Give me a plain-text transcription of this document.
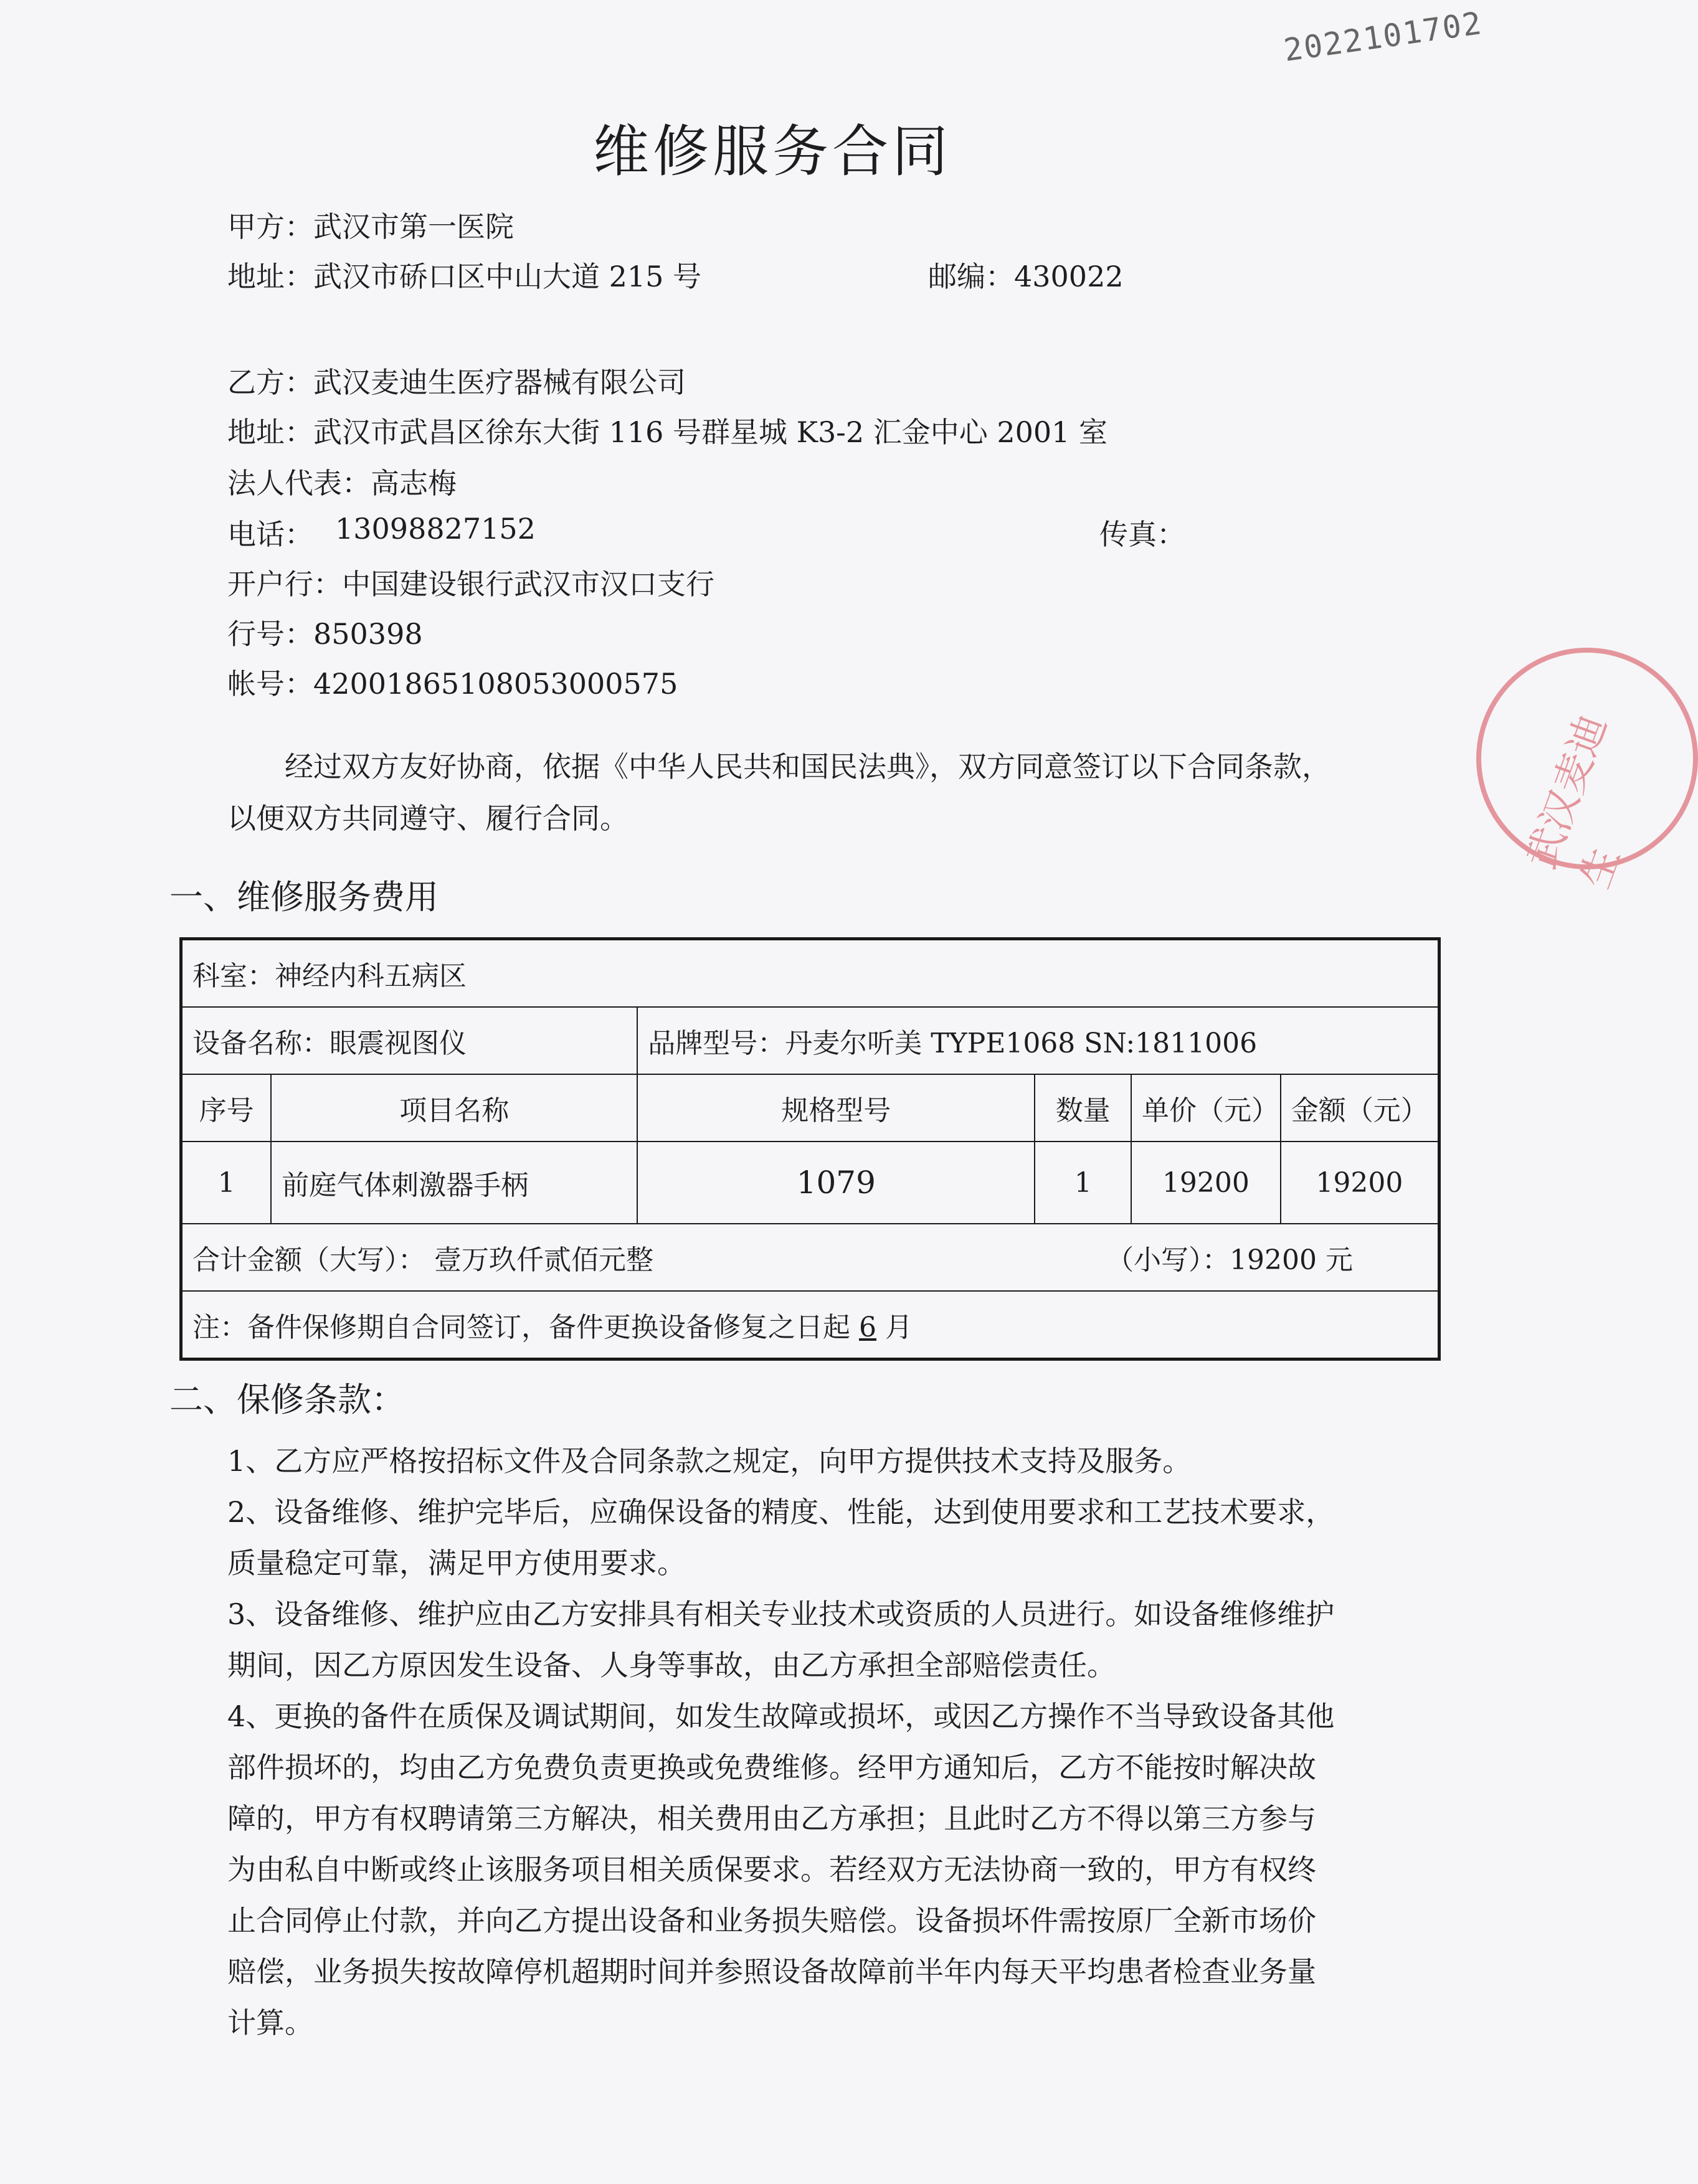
2022101702
武汉麦迪生
维修服务合同
甲方：武汉市第一医院
地址：武汉市硚口区中山大道 215 号	邮编：430022
乙方：武汉麦迪生医疗器械有限公司
地址：武汉市武昌区徐东大街 116 号群星城 K3-2 汇金中心 2001 室
法人代表：高志梅
电话： 13098827152	传真：
开户行：中国建设银行武汉市汉口支行
行号：850398
帐号：42001865108053000575
经过双方友好协商，依据《中华人民共和国民法典》，双方同意签订以下合同条款，以便双方共同遵守、履行合同。
一、维修服务费用
科室：神经内科五病区					
设备名称：眼震视图仪		品牌型号：丹麦尔听美 TYPE1068 SN:1811006			
序号	项目名称	规格型号	数量	单价（元）	金额（元）
1	前庭气体刺激器手柄	1079	1	19200	19200
合计金额（大写）： 壹万玖仟贰佰元整 （小写）：19200 元					

注：备件保修期自合同签订，备件更换设备修复之日起 6 月					
二、保修条款：

1、乙方应严格按招标文件及合同条款之规定，向甲方提供技术支持及服务。

2、设备维修、维护完毕后，应确保设备的精度、性能，达到使用要求和工艺技术要求，质量稳定可靠，满足甲方使用要求。

3、设备维修、维护应由乙方安排具有相关专业技术或资质的人员进行。如设备维修维护期间，因乙方原因发生设备、人身等事故，由乙方承担全部赔偿责任。

4、更换的备件在质保及调试期间，如发生故障或损坏，或因乙方操作不当导致设备其他部件损坏的，均由乙方免费负责更换或免费维修。经甲方通知后，乙方不能按时解决故障的，甲方有权聘请第三方解决，相关费用由乙方承担；且此时乙方不得以第三方参与为由私自中断或终止该服务项目相关质保要求。若经双方无法协商一致的，甲方有权终止合同停止付款，并向乙方提出设备和业务损失赔偿。设备损坏件需按原厂全新市场价赔偿，业务损失按故障停机超期时间并参照设备故障前半年内每天平均患者检查业务量计算。
